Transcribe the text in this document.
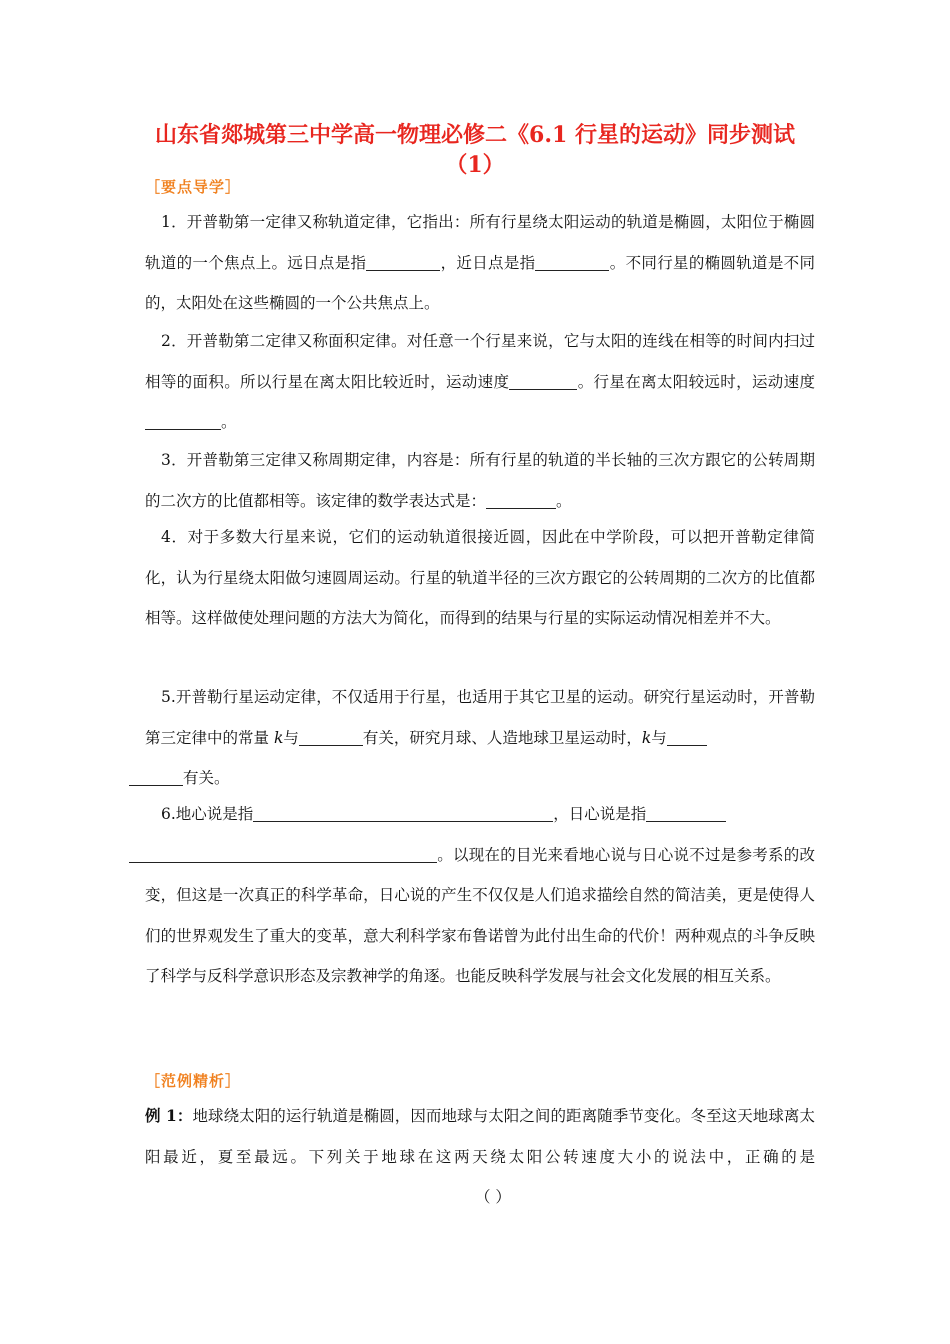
山东省郯城第三中学高一物理必修二《6.1 行星的运动》同步测试
（1）
［要点导学］
1．开普勒第一定律又称轨道定律，它指出：所有行星绕太阳运动的轨道是椭圆，太阳位于椭圆轨道的一个焦点上。远日点是指	，近日点是指	。不同行星的椭圆轨道是不同的，太阳处在这些椭圆的一个公共焦点上。
2．开普勒第二定律又称面积定律。对任意一个行星来说，它与太阳的连线在相等的时间内扫过相等的面积。所以行星在离太阳比较近时，运动速度	。行星在离太阳较远时，运动速度。
3．开普勒第三定律又称周期定律，内容是：所有行星的轨道的半长轴的三次方跟它的公转周期的二次方的比值都相等。该定律的数学表达式是：	。
4．对于多数大行星来说，它们的运动轨道很接近圆，因此在中学阶段，可以把开普勒定律简化，认为行星绕太阳做匀速圆周运动。行星的轨道半径的三次方跟它的公转周期的二次方的比值都相等。这样做使处理问题的方法大为简化，而得到的结果与行星的实际运动情况相差并不大。
5.开普勒行星运动定律，不仅适用于行星，也适用于其它卫星的运动。研究行星运动时，开普勒第三定律中的常量 k与	有关，研究月球、人造地球卫星运动时，k与
有关。
6.地心说是指	，日心说是指
。以现在的目光来看地心说与日心说不过是参考系的改变，但这是一次真正的科学革命，日心说的产生不仅仅是人们追求描绘自然的简洁美，更是使得人们的世界观发生了重大的变革，意大利科学家布鲁诺曾为此付出生命的代价！两种观点的斗争反映了科学与反科学意识形态及宗教神学的角逐。也能反映科学发展与社会文化发展的相互关系。
［范例精析］
例 1：地球绕太阳的运行轨道是椭圆，因而地球与太阳之间的距离随季节变化。冬至这天地球离太阳最近，夏至最远。下列关于地球在这两天绕太阳公转速度大小的说法中，正确的是（ ）
